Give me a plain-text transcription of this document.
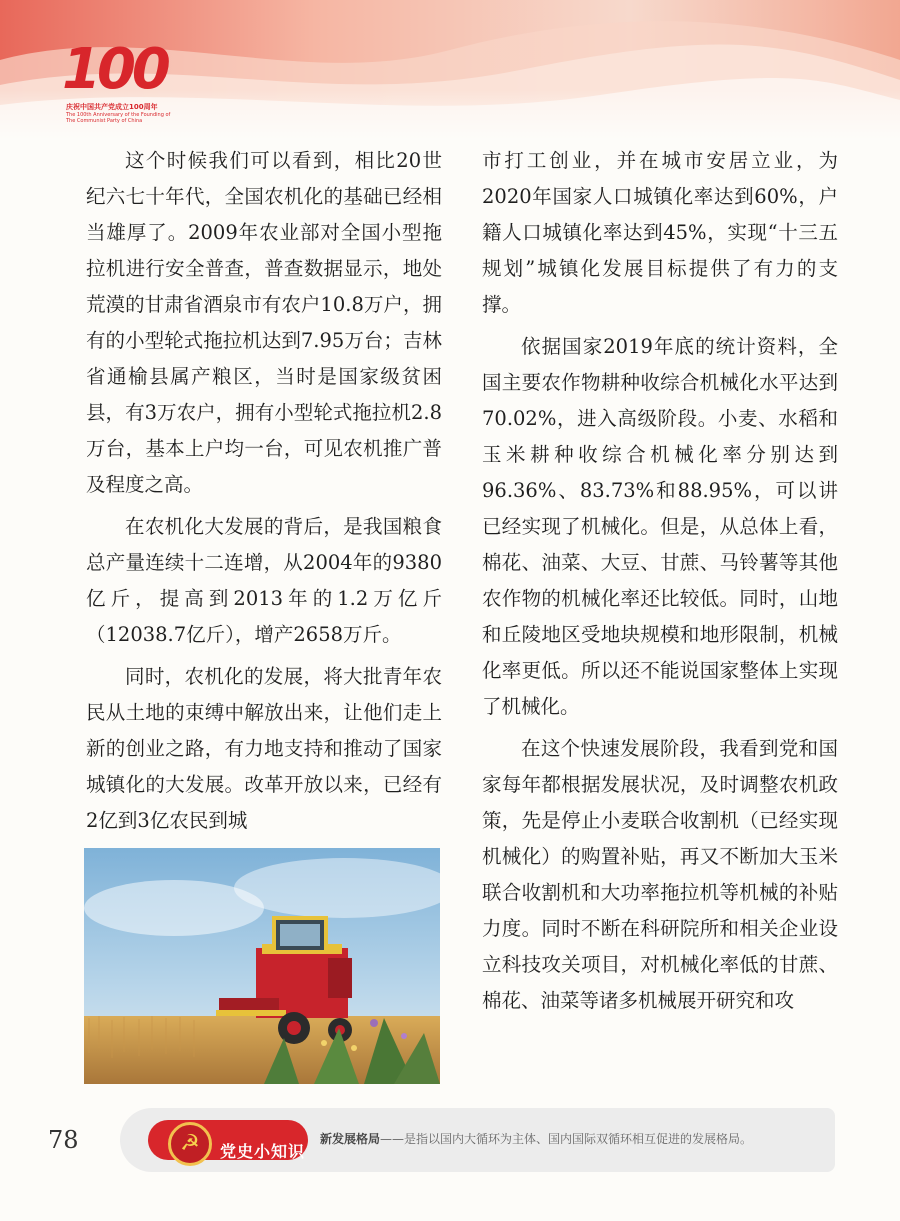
100
庆祝中国共产党成立100周年
The 100th Anniversary of the Founding of
The Communist Party of China

这个时候我们可以看到，相比20世纪六七十年代，全国农机化的基础已经相当雄厚了。2009年农业部对全国小型拖拉机进行安全普查，普查数据显示，地处荒漠的甘肃省酒泉市有农户10.8万户，拥有的小型轮式拖拉机达到7.95万台；吉林省通榆县属产粮区，当时是国家级贫困县，有3万农户，拥有小型轮式拖拉机2.8万台，基本上户均一台，可见农机推广普及程度之高。

在农机化大发展的背后，是我国粮食总产量连续十二连增，从2004年的9380亿斤，提高到2013年的1.2万亿斤（12038.7亿斤），增产2658万斤。

同时，农机化的发展，将大批青年农民从土地的束缚中解放出来，让他们走上新的创业之路，有力地支持和推动了国家城镇化的大发展。改革开放以来，已经有2亿到3亿农民到城

市打工创业，并在城市安居立业，为2020年国家人口城镇化率达到60%，户籍人口城镇化率达到45%，实现“十三五规划”城镇化发展目标提供了有力的支撑。

依据国家2019年底的统计资料，全国主要农作物耕种收综合机械化水平达到70.02%，进入高级阶段。小麦、水稻和玉米耕种收综合机械化率分别达到96.36%、83.73%和88.95%，可以讲已经实现了机械化。但是，从总体上看，棉花、油菜、大豆、甘蔗、马铃薯等其他农作物的机械化率还比较低。同时，山地和丘陵地区受地块规模和地形限制，机械化率更低。所以还不能说国家整体上实现了机械化。

在这个快速发展阶段，我看到党和国家每年都根据发展状况，及时调整农机政策，先是停止小麦联合收割机（已经实现机械化）的购置补贴，再又不断加大玉米联合收割机和大功率拖拉机等机械的补贴力度。同时不断在科研院所和相关企业设立科技攻关项目，对机械化率低的甘蔗、棉花、油菜等诸多机械展开研究和攻

78	☭	党史小知识
新发展格局——是指以国内大循环为主体、国内国际双循环相互促进的发展格局。
